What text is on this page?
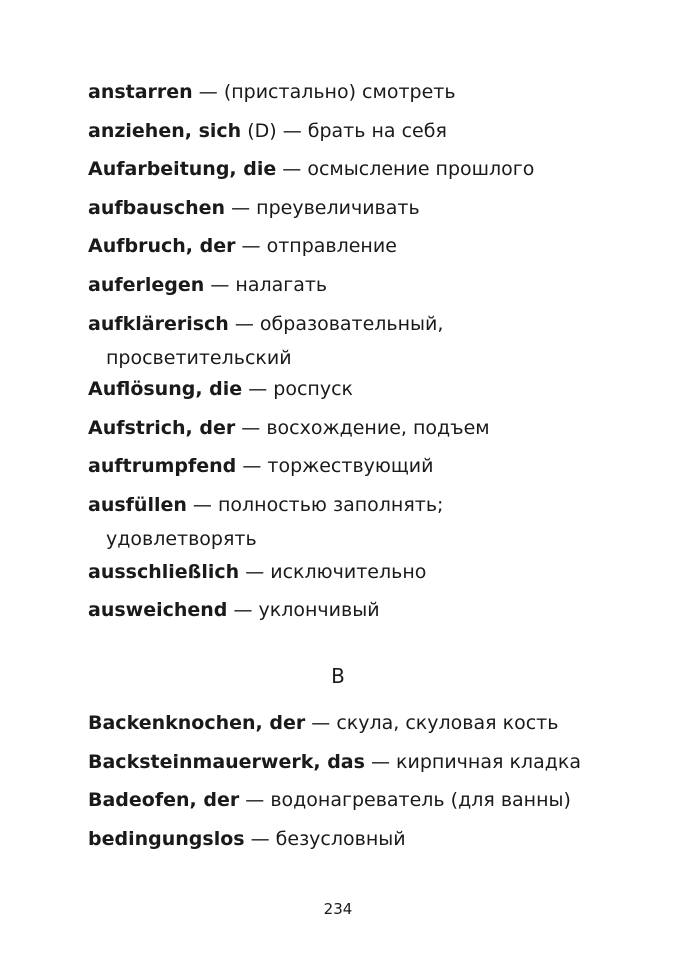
anstarren — (пристально) смотреть
anziehen, sich (D) — брать на себя
Aufarbeitung, die — осмысление прошлого
aufbauschen — преувеличивать
Aufbruch, der — отправление
auferlegen — налагать
aufklärerisch — образовательный,
просветительский
Auflösung, die — роспуск
Aufstrich, der — восхождение, подъем
auftrumpfend — торжествующий
ausfüllen — полностью заполнять;
удовлетворять
ausschließlich — исключительно
ausweichend — уклончивый
B
Backenknochen, der — скула, скуловая кость
Backsteinmauerwerk, das — кирпичная кладка
Badeofen, der — водонагреватель (для ванны)
bedingungslos — безусловный
234
